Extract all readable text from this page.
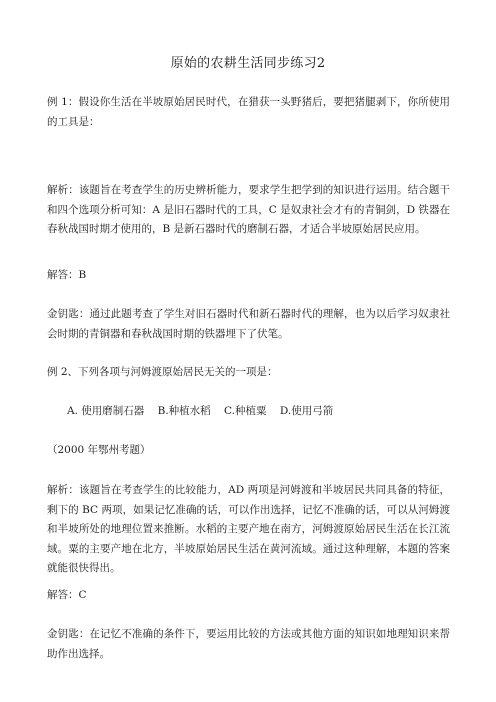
原始的农耕生活同步练习2

例 1：假设你生活在半坡原始居民时代，在猎获一头野猪后，要把猪腿剥下，你所使用的工具是：

解析：该题旨在考查学生的历史辨析能力，要求学生把学到的知识进行运用。结合题干和四个选项分析可知：A 是旧石器时代的工具，C 是奴隶社会才有的青铜剑，D 铁器在春秋战国时期才使用的，B 是新石器时代的磨制石器，才适合半坡原始居民应用。

解答：B

金钥匙：通过此题考查了学生对旧石器时代和新石器时代的理解，也为以后学习奴隶社会时期的青铜器和春秋战国时期的铁器埋下了伏笔。

例 2、下列各项与河姆渡原始居民无关的一项是：

A. 使用磨制石器 B.种植水稻 C.种植粟 D.使用弓箭

（2000 年鄂州考题）

解析：该题旨在考查学生的比较能力，AD 两项是河姆渡和半坡居民共同具备的特征，剩下的 BC 两项，如果记忆准确的话，可以作出选择，记忆不准确的话，可以从河姆渡和半坡所处的地理位置来推断。水稻的主要产地在南方，河姆渡原始居民生活在长江流域。粟的主要产地在北方，半坡原始居民生活在黄河流域。通过这种理解，本题的答案就能很快得出。

解答：C

金钥匙：在记忆不准确的条件下，要运用比较的方法或其他方面的知识如地理知识来帮助作出选择。
